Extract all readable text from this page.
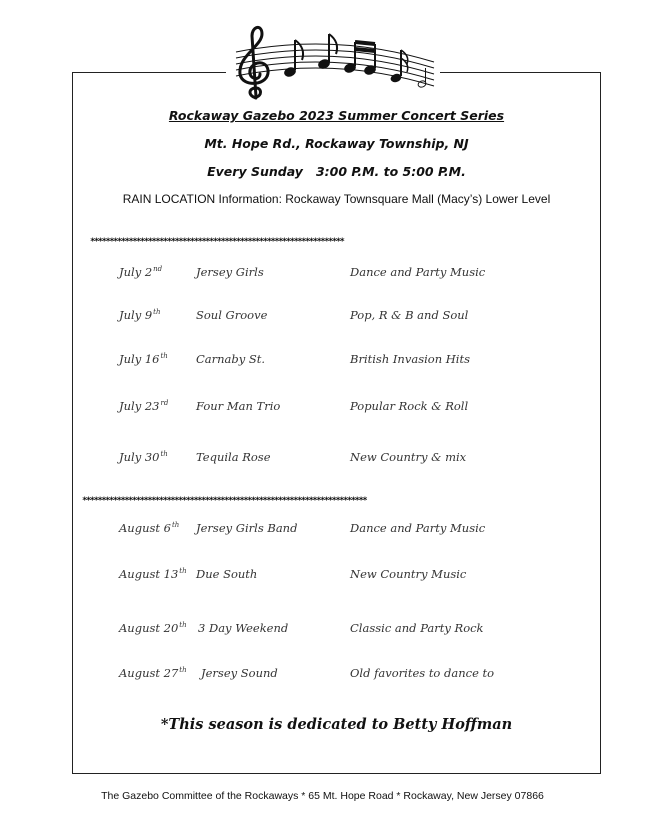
Rockaway Gazebo 2023 Summer Concert Series
Mt. Hope Rd., Rockaway Township, NJ
Every Sunday   3:00 P.M. to 5:00 P.M.
RAIN LOCATION Information: Rockaway Townsquare Mall (Macy’s) Lower Level
******************************************************************
July 2nd	Jersey Girls	Dance and Party Music
July 9th	Soul Groove	Pop, R & B and Soul
July 16th Carnaby St.	British Invasion Hits
July 23rd Four Man Trio	Popular Rock & Roll
July 30th Tequila Rose	New Country & mix
**************************************************************************
August 6th Jersey Girls Band	Dance and Party Music
August 13th Due South	New Country Music
August 20th 3 Day Weekend	Classic and Party Rock
August 27th Jersey Sound	Old favorites to dance to
*This season is dedicated to Betty Hoffman
The Gazebo Committee of the Rockaways * 65 Mt. Hope Road * Rockaway, New Jersey 07866
